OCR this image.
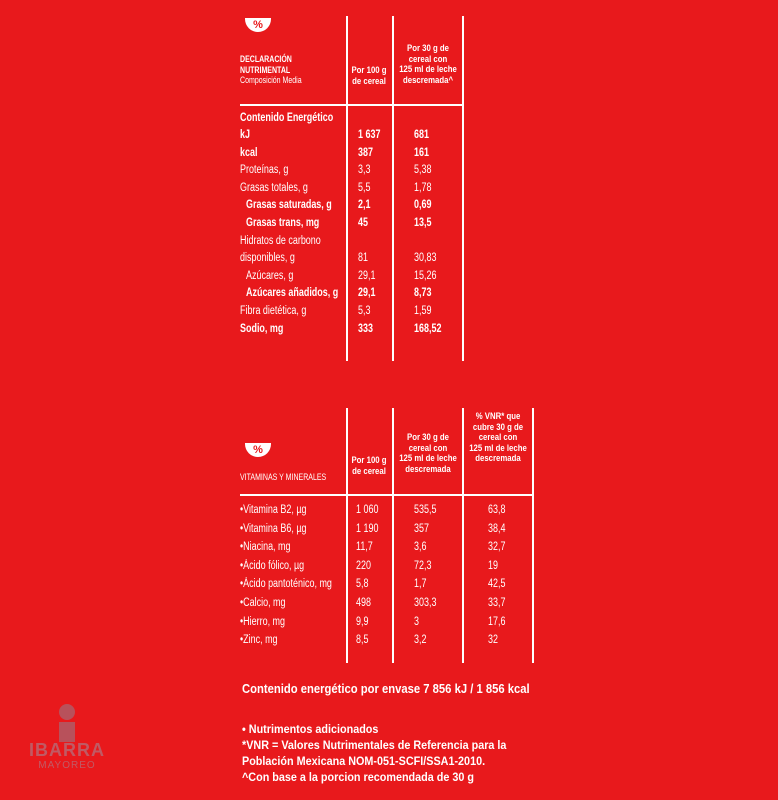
%
DECLARACIÓN
NUTRIMENTAL
Composición Media
Por 100 g
de cereal
Por 30 g de
cereal con
125 ml de leche
descremada^
Contenido Energético
kJ	1 637	681
kcal	387	161
Proteínas, g	3,3	5,38
Grasas totales, g	5,5	1,78
Grasas saturadas, g 2,1	0,69
Grasas trans, mg	45	13,5
Hidratos de carbono
disponibles, g	81	30,83
Azúcares, g	29,1	15,26
Azúcares añadidos, g 29,1	8,73
Fibra dietética, g	5,3	1,59
Sodio, mg	333	168,52
%
VITAMINAS Y MINERALES
Por 100 g
de cereal
Por 30 g de
cereal con
125 ml de leche
descremada
% VNR* que
cubre 30 g de
cereal con
125 ml de leche
descremada
•Vitamina B2, µg	1 060	535,5	63,8
•Vitamina B6, µg	1 190	357	38,4
•Niacina, mg	11,7	3,6	32,7
•Ácido fólico, µg	220	72,3	19
•Ácido pantoténico, mg 5,8	1,7	42,5
•Calcio, mg	498	303,3	33,7
•Hierro, mg	9,9	3	17,6
•Zinc, mg	8,5	3,2	32
Contenido energético por envase 7 856 kJ / 1 856 kcal
• Nutrimentos adicionados
*VNR = Valores Nutrimentales de Referencia para la
Población Mexicana NOM-051-SCFI/SSA1-2010.
^Con base a la porcion recomendada de 30 g
IBARRA
MAYOREO
